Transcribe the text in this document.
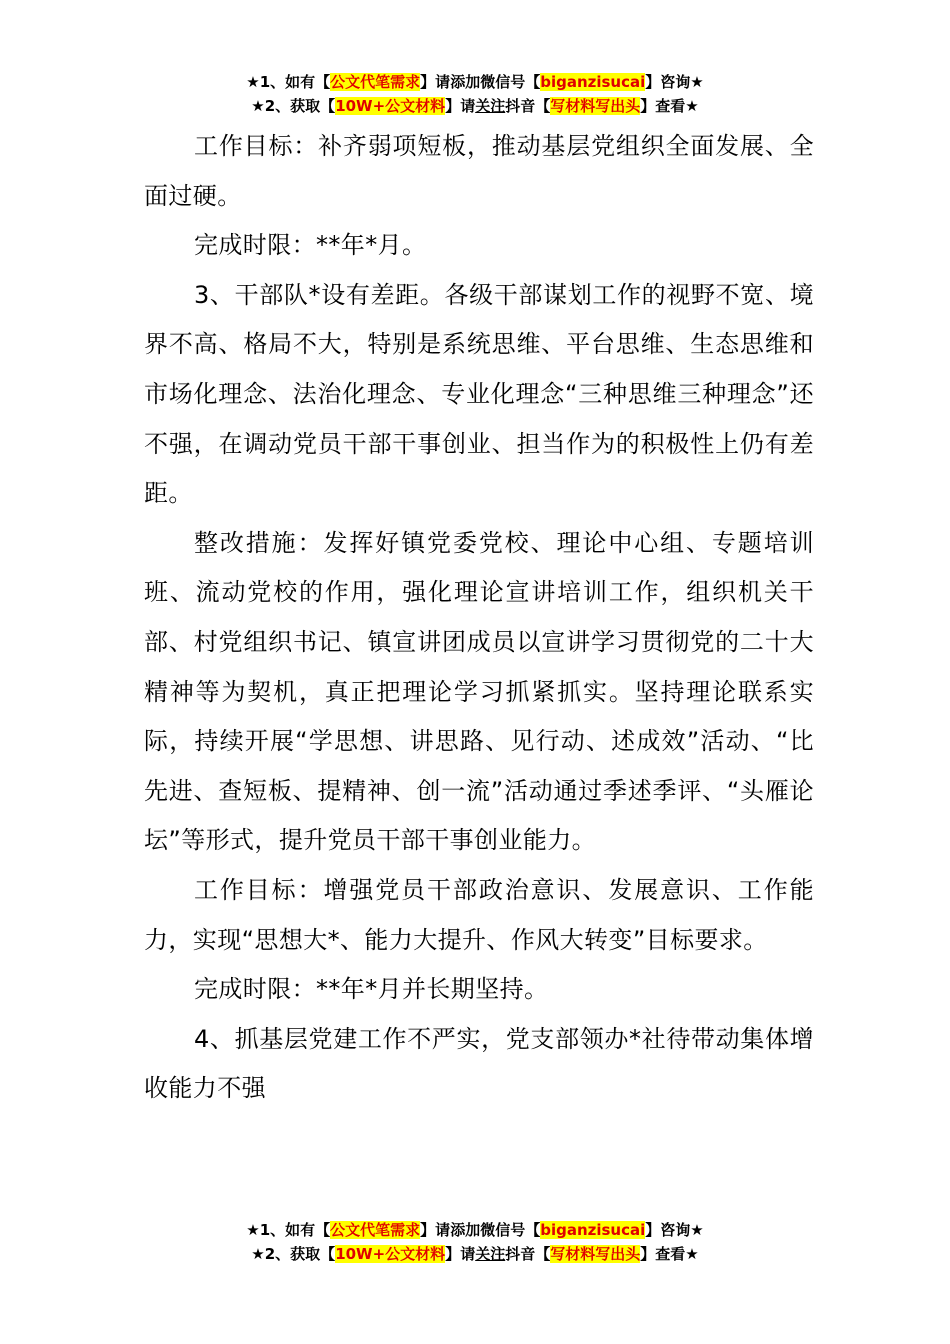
★1、如有【公文代笔需求】请添加微信号【biganzisucai】咨询★
★2、获取【10W+公文材料】请关注抖音【写材料写出头】查看★

工作目标：补齐弱项短板，推动基层党组织全面发展、全面过硬。

完成时限：**年*月。

3、干部队*设有差距。各级干部谋划工作的视野不宽、境界不高、格局不大，特别是系统思维、平台思维、生态思维和市场化理念、法治化理念、专业化理念“三种思维三种理念”还不强，在调动党员干部干事创业、担当作为的积极性上仍有差距。

整改措施：发挥好镇党委党校、理论中心组、专题培训班、流动党校的作用，强化理论宣讲培训工作，组织机关干部、村党组织书记、镇宣讲团成员以宣讲学习贯彻党的二十大精神等为契机，真正把理论学习抓紧抓实。坚持理论联系实际，持续开展“学思想、讲思路、见行动、述成效”活动、“比先进、查短板、提精神、创一流”活动通过季述季评、“头雁论坛”等形式，提升党员干部干事创业能力。

工作目标：增强党员干部政治意识、发展意识、工作能力，实现“思想大*、能力大提升、作风大转变”目标要求。

完成时限：**年*月并长期坚持。

4、抓基层党建工作不严实，党支部领办*社待带动集体增收能力不强

★1、如有【公文代笔需求】请添加微信号【biganzisucai】咨询★
★2、获取【10W+公文材料】请关注抖音【写材料写出头】查看★
